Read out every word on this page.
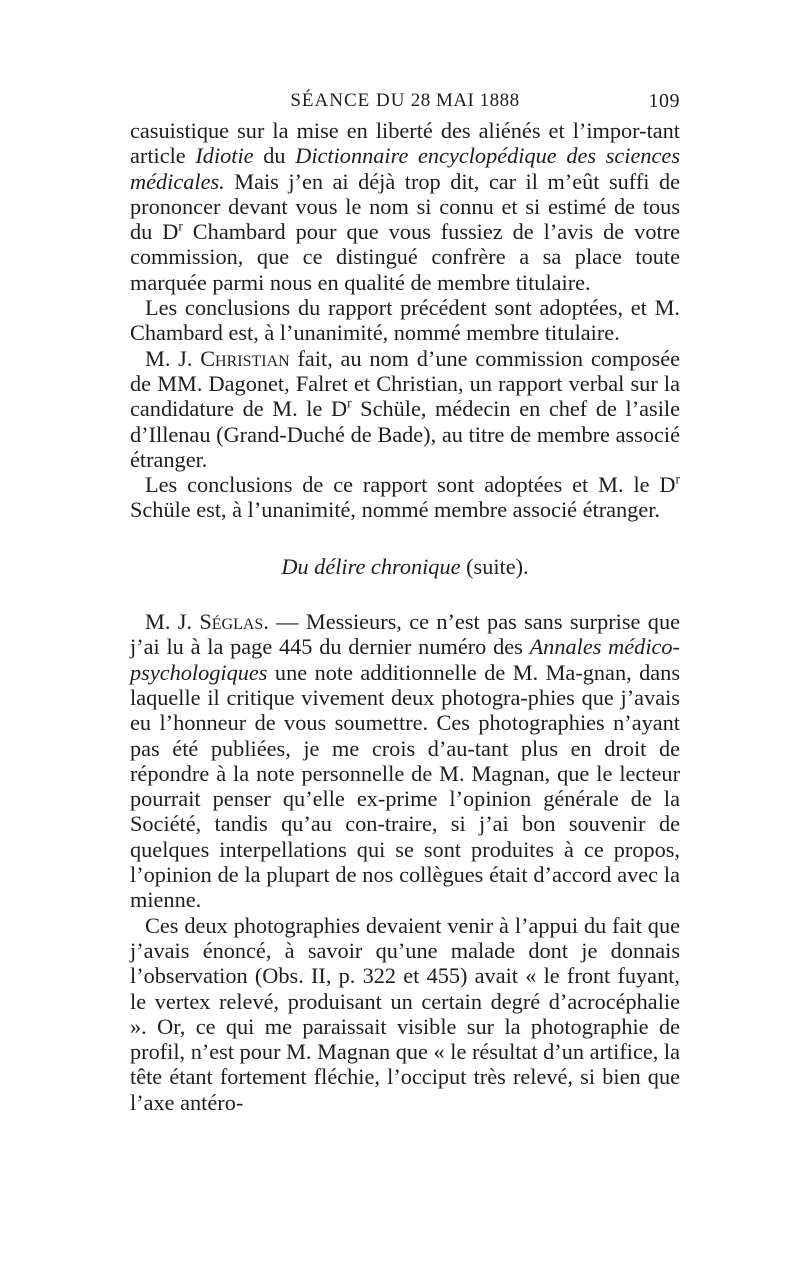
SÉANCE DU 28 MAI 1888	109

casuistique sur la mise en liberté des aliénés et l’impor-tant article Idiotie du Dictionnaire encyclopédique des sciences médicales. Mais j’en ai déjà trop dit, car il m’eût suffi de prononcer devant vous le nom si connu et si estimé de tous du $D^r$ Chambard pour que vous fussiez de l’avis de votre commission, que ce distingué confrère a sa place toute marquée parmi nous en qualité de membre titulaire.

Les conclusions du rapport précédent sont adoptées, et M. Chambard est, à l’unanimité, nommé membre titulaire.

M. J. Christian fait, au nom d’une commission composée de MM. Dagonet, Falret et Christian, un rapport verbal sur la candidature de M. le $D^r$ Schüle, médecin en chef de l’asile d’Illenau (Grand-Duché de Bade), au titre de membre associé étranger.

Les conclusions de ce rapport sont adoptées et M. le $D^r$ Schüle est, à l’unanimité, nommé membre associé étranger.

Du délire chronique (suite).

M. J. Séglas. — Messieurs, ce n’est pas sans surprise que j’ai lu à la page 445 du dernier numéro des Annales médico-psychologiques une note additionnelle de M. Ma-gnan, dans laquelle il critique vivement deux photogra-phies que j’avais eu l’honneur de vous soumettre. Ces photographies n’ayant pas été publiées, je me crois d’au-tant plus en droit de répondre à la note personnelle de M. Magnan, que le lecteur pourrait penser qu’elle ex-prime l’opinion générale de la Société, tandis qu’au con-traire, si j’ai bon souvenir de quelques interpellations qui se sont produites à ce propos, l’opinion de la plupart de nos collègues était d’accord avec la mienne.

Ces deux photographies devaient venir à l’appui du fait que j’avais énoncé, à savoir qu’une malade dont je donnais l’observation (Obs. II, p. 322 et 455) avait « le front fuyant, le vertex relevé, produisant un certain degré d’acrocéphalie ». Or, ce qui me paraissait visible sur la photographie de profil, n’est pour M. Magnan que « le résultat d’un artifice, la tête étant fortement fléchie, l’occiput très relevé, si bien que l’axe antéro-
